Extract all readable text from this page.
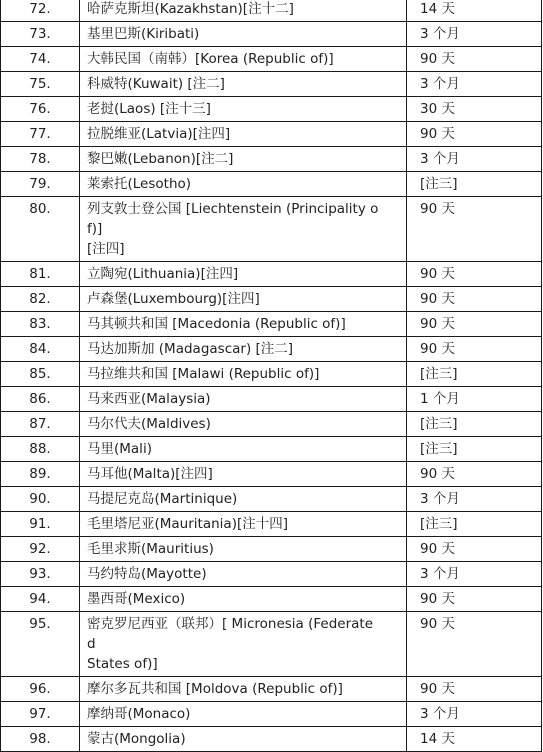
72.	哈萨克斯坦(Kazakhstan)[注十二]	14 天
73.	基里巴斯(Kiribati)	3 个月
74.	大韩民国（南韩）[Korea (Republic of)]	90 天
75.	科威特(Kuwait) [注二]	3 个月
76.	老挝(Laos) [注十三]	30 天
77.	拉脱维亚(Latvia)[注四]	90 天
78.	黎巴嫩(Lebanon)[注二]	3 个月
79.	莱索托(Lesotho)	[注三]
80.	列支敦士登公国 [Liechtenstein (Principality o
f)]
[注四]	90 天
81.	立陶宛(Lithuania)[注四]	90 天
82.	卢森堡(Luxembourg)[注四]	90 天
83.	马其顿共和国 [Macedonia (Republic of)]	90 天
84.	马达加斯加 (Madagascar) [注二]	90 天
85.	马拉维共和国 [Malawi (Republic of)]	[注三]
86.	马来西亚(Malaysia)	1 个月
87.	马尔代夫(Maldives)	[注三]
88.	马里(Mali)	[注三]
89.	马耳他(Malta)[注四]	90 天
90.	马提尼克岛(Martinique)	3 个月
91.	毛里塔尼亚(Mauritania)[注十四]	[注三]
92.	毛里求斯(Mauritius)	90 天
93.	马约特岛(Mayotte)	3 个月
94.	墨西哥(Mexico)	90 天
95.	密克罗尼西亚（联邦）[ Micronesia (Federate
d
States of)]	90 天
96.	摩尔多瓦共和国 [Moldova (Republic of)]	90 天
97.	摩纳哥(Monaco)	3 个月
98.	蒙古(Mongolia)	14 天
